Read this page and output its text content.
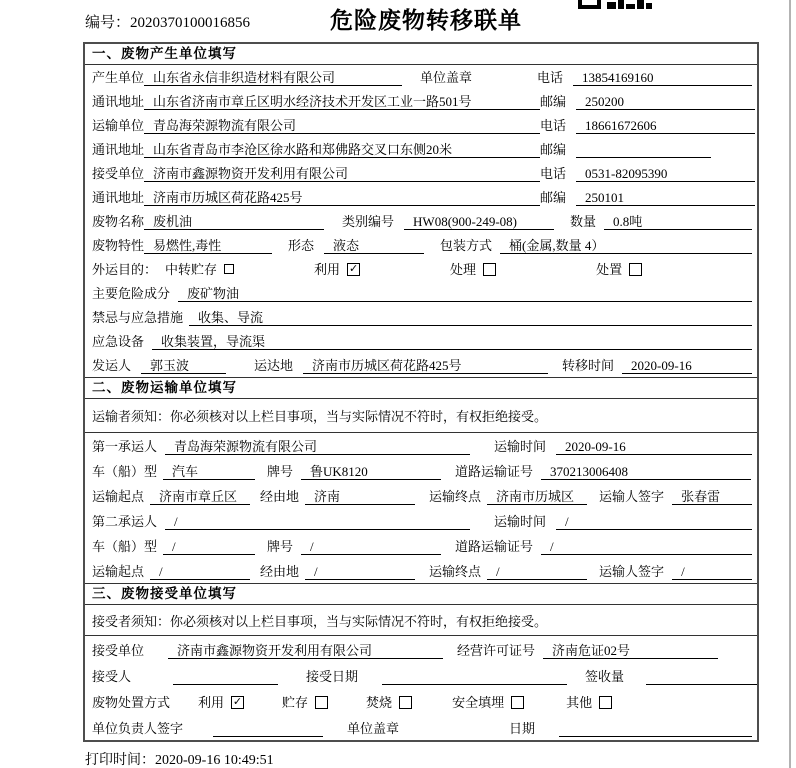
编号：2020370100016856	危险废物转移联单
一、废物产生单位填写
产生单位 山东省永信非织造材料有限公司	单位盖章	电话	13854169160
通讯地址 山东省济南市章丘区明水经济技术开发区工业一路501号	邮编	250200
运输单位 青岛海荣源物流有限公司	电话	18661672606
通讯地址 山东省青岛市李沧区徐水路和郑佛路交叉口东侧20米	邮编
接受单位 济南市鑫源物资开发利用有限公司	电话	0531-82095390
通讯地址 济南市历城区荷花路425号	邮编	250101
废物名称 废机油	类别编号	HW08(900-249-08)	数量	0.8吨
废物特性 易燃性,毒性	形态	液态	包装方式	桶(金属,数量 4）
外运目的： 中转贮存	利用 ✓	处理	处置
主要危险成分	废矿物油
禁忌与应急措施	收集、导流
应急设备	收集装置，导流渠
发运人	郭玉波	运达地	济南市历城区荷花路425号	转移时间	2020-09-16
二、废物运输单位填写
运输者须知：你必须核对以上栏目事项，当与实际情况不符时，有权拒绝接受。
第一承运人	青岛海荣源物流有限公司	运输时间	2020-09-16
车（船）型	汽车	牌号	鲁UK8120	道路运输证号	370213006408
运输起点	济南市章丘区	经由地	济南	运输终点	济南市历城区	运输人签字	张春雷
第二承运人	/	运输时间	/
车（船）型	/	牌号	/	道路运输证号	/
运输起点	/	经由地	/	运输终点	/	运输人签字	/
三、废物接受单位填写
接受者须知：你必须核对以上栏目事项，当与实际情况不符时，有权拒绝接受。
接受单位	济南市鑫源物资开发利用有限公司	经营许可证号	济南危证02号
接受人	接受日期	签收量
废物处置方式 利用 ✓	贮存	焚烧	安全填埋	其他
单位负责人签字	单位盖章	日期
打印时间：2020-09-16 10:49:51
